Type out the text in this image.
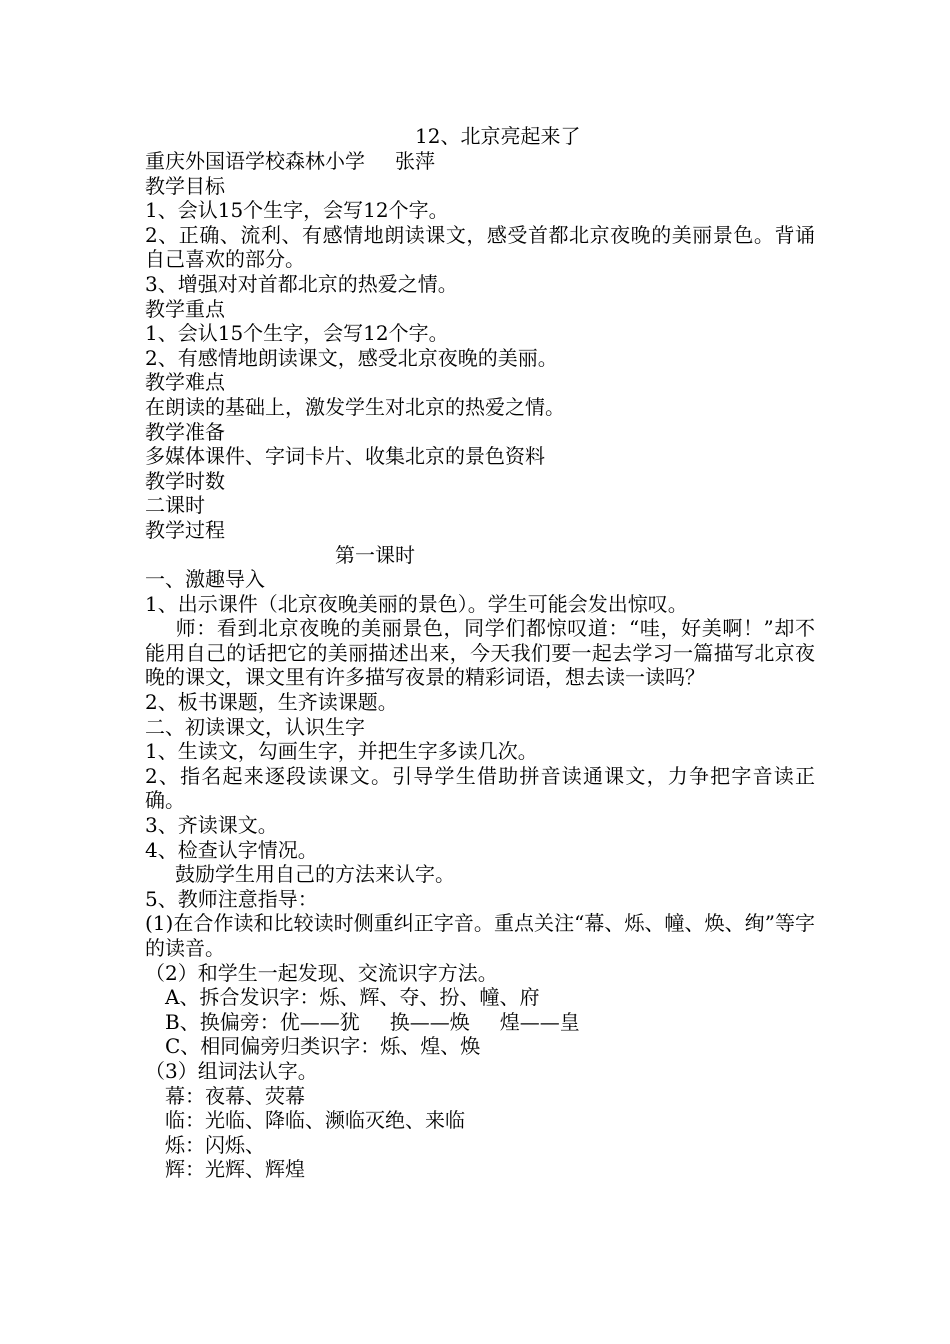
12、北京亮起来了
重庆外国语学校森林小学 张萍
教学目标
1、会认15个生字，会写12个字。
2、正确、流利、有感情地朗读课文，感受首都北京夜晚的美丽景色。背诵自己喜欢的部分。
3、增强对对首都北京的热爱之情。
教学重点
1、会认15个生字，会写12个字。
2、有感情地朗读课文，感受北京夜晚的美丽。
教学难点
在朗读的基础上，激发学生对北京的热爱之情。
教学准备
多媒体课件、字词卡片、收集北京的景色资料
教学时数
二课时
教学过程
第一课时
一、激趣导入
1、出示课件（北京夜晚美丽的景色）。学生可能会发出惊叹。
师：看到北京夜晚的美丽景色，同学们都惊叹道：“哇，好美啊！”却不能用自己的话把它的美丽描述出来，今天我们要一起去学习一篇描写北京夜晚的课文，课文里有许多描写夜景的精彩词语，想去读一读吗？
2、板书课题，生齐读课题。
二、初读课文，认识生字
1、生读文，勾画生字，并把生字多读几次。
2、指名起来逐段读课文。引导学生借助拼音读通课文，力争把字音读正确。
3、齐读课文。
4、检查认字情况。
鼓励学生用自己的方法来认字。
5、教师注意指导：
(1)在合作读和比较读时侧重纠正字音。重点关注“幕、烁、幢、焕、绚”等字的读音。
（2）和学生一起发现、交流识字方法。
A、拆合发识字：烁、辉、夺、扮、幢、府
B、换偏旁：优——犹 换——焕 煌——皇
C、相同偏旁归类识字：烁、煌、焕
（3）组词法认字。
幕：夜幕、荧幕
临：光临、降临、濒临灭绝、来临
烁：闪烁、
辉：光辉、辉煌
